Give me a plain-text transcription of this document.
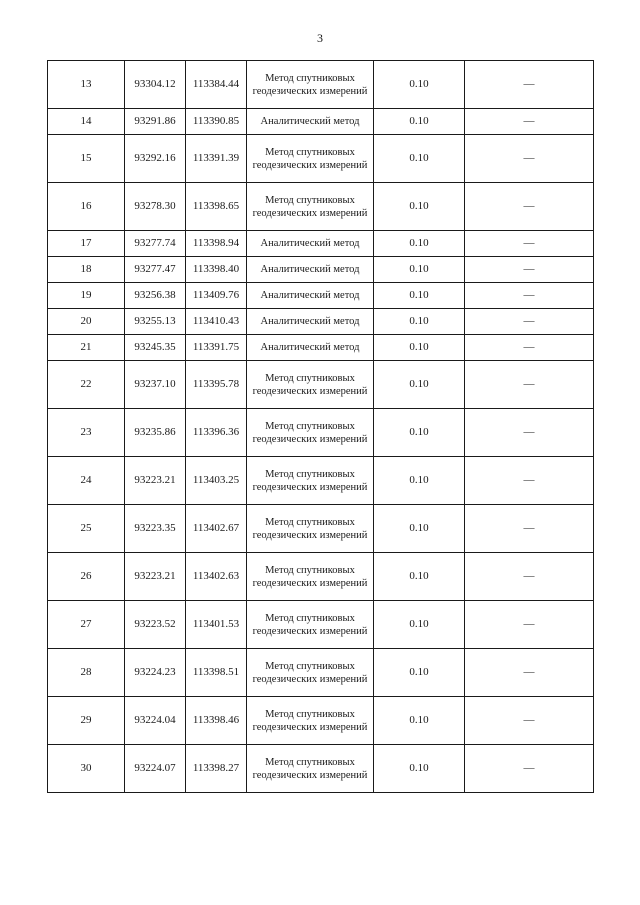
3
13	93304.12	113384.44	Метод спутниковых геодезических измерений	0.10	—
14	93291.86	113390.85	Аналитический метод	0.10	—
15	93292.16	113391.39	Метод спутниковых геодезических измерений	0.10	—
16	93278.30	113398.65	Метод спутниковых геодезических измерений	0.10	—
17	93277.74	113398.94	Аналитический метод	0.10	—
18	93277.47	113398.40	Аналитический метод	0.10	—
19	93256.38	113409.76	Аналитический метод	0.10	—
20	93255.13	113410.43	Аналитический метод	0.10	—
21	93245.35	113391.75	Аналитический метод	0.10	—
22	93237.10	113395.78	Метод спутниковых геодезических измерений	0.10	—
23	93235.86	113396.36	Метод спутниковых геодезических измерений	0.10	—
24	93223.21	113403.25	Метод спутниковых геодезических измерений	0.10	—
25	93223.35	113402.67	Метод спутниковых геодезических измерений	0.10	—
26	93223.21	113402.63	Метод спутниковых геодезических измерений	0.10	—
27	93223.52	113401.53	Метод спутниковых геодезических измерений	0.10	—
28	93224.23	113398.51	Метод спутниковых геодезических измерений	0.10	—
29	93224.04	113398.46	Метод спутниковых геодезических измерений	0.10	—
30	93224.07	113398.27	Метод спутниковых геодезических измерений	0.10	—
